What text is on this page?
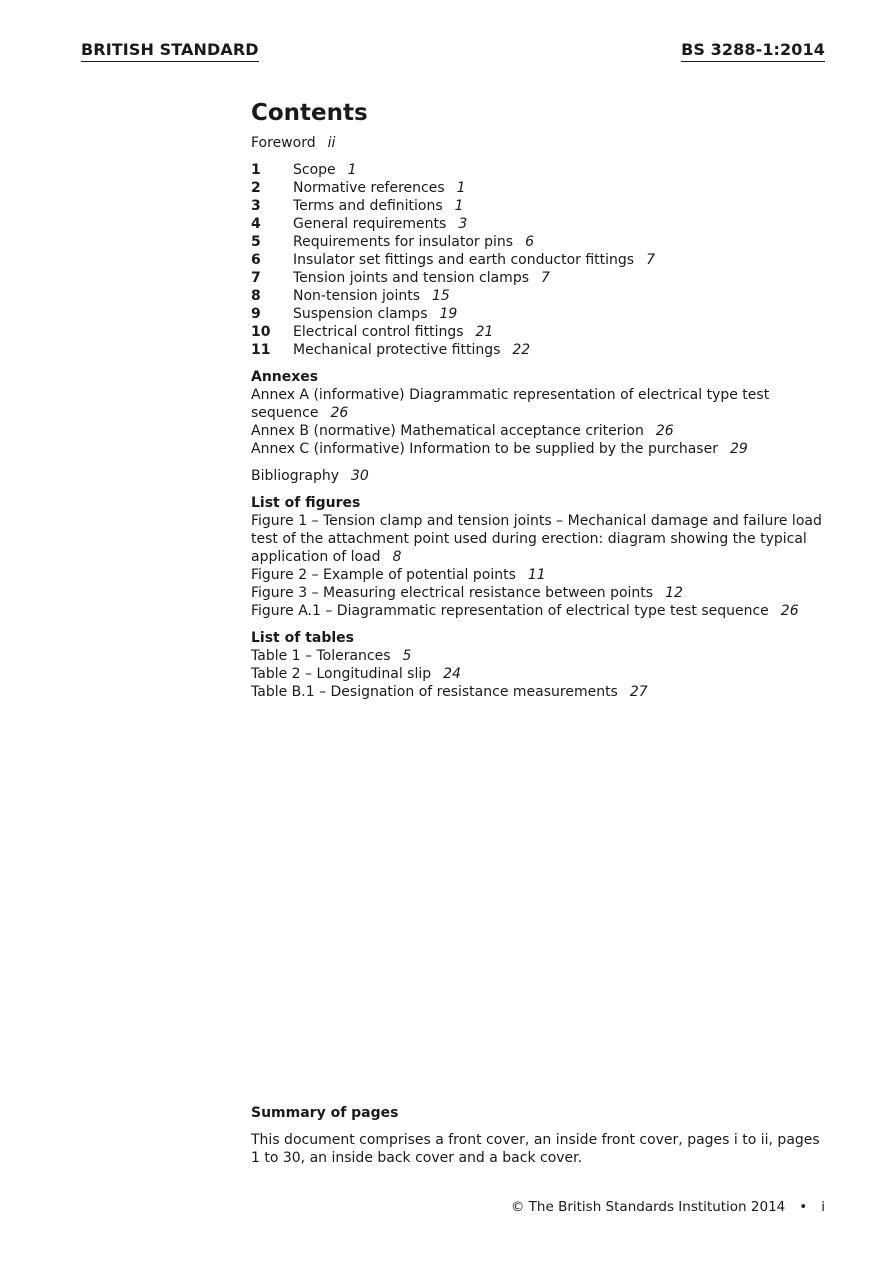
BRITISH STANDARD	BS 3288-1:2014
Contents
Foreword ii
1	Scope 1
2	Normative references 1
3	Terms and definitions 1
4	General requirements 3
5	Requirements for insulator pins 6
6	Insulator set fittings and earth conductor fittings 7
7	Tension joints and tension clamps 7
8	Non-tension joints 15
9	Suspension clamps 19
10	Electrical control fittings 21
11	Mechanical protective fittings 22
Annexes
Annex A (informative) Diagrammatic representation of electrical type test sequence 26
Annex B (normative) Mathematical acceptance criterion 26
Annex C (informative) Information to be supplied by the purchaser 29
Bibliography 30
List of figures
Figure 1 – Tension clamp and tension joints – Mechanical damage and failure load test of the attachment point used during erection: diagram showing the typical application of load 8
Figure 2 – Example of potential points 11
Figure 3 – Measuring electrical resistance between points 12
Figure A.1 – Diagrammatic representation of electrical type test sequence 26
List of tables
Table 1 – Tolerances 5
Table 2 – Longitudinal slip 24
Table B.1 – Designation of resistance measurements 27
Summary of pages
This document comprises a front cover, an inside front cover, pages i to ii, pages 1 to 30, an inside back cover and a back cover.
© The British Standards Institution 2014 • i
